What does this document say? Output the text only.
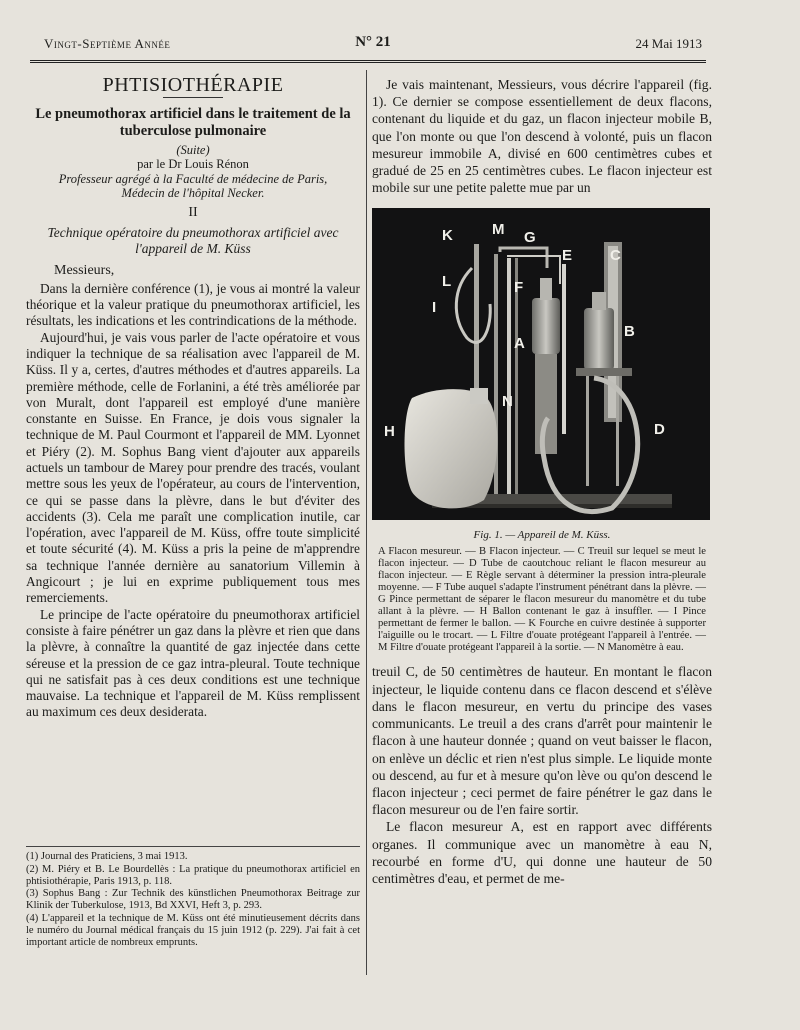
Vingt-Septième Année	N° 21	24 Mai 1913
PHTISIOTHÉRAPIE
Le pneumothorax artificiel dans le traitement de la tuberculose pulmonaire
(Suite)
par le Dr Louis Rénon
Professeur agrégé à la Faculté de médecine de Paris,
Médecin de l'hôpital Necker.
II
Technique opératoire du pneumothorax artificiel avec l'appareil de M. Küss
Messieurs,

Dans la dernière conférence (1), je vous ai montré la valeur théorique et la valeur pratique du pneumothorax artificiel, les résultats, les indications et les contrindications de la méthode.

Aujourd'hui, je vais vous parler de l'acte opératoire et vous indiquer la technique de sa réalisation avec l'appareil de M. Küss. Il y a, certes, d'autres méthodes et d'autres appareils. La première méthode, celle de Forlanini, a été très améliorée par von Muralt, dont l'appareil est employé d'une manière constante en Suisse. En France, je dois vous signaler la technique de M. Paul Courmont et l'appareil de MM. Lyonnet et Piéry (2). M. Sophus Bang vient d'ajouter aux appareils actuels un tambour de Marey pour prendre des tracés, voulant mettre sous les yeux de l'opérateur, au cours de l'intervention, ce qui se passe dans la plèvre, dans le but d'éviter des accidents (3). Cela me paraît une complication inutile, car l'opération, avec l'appareil de M. Küss, offre toute simplicité et toute sécurité (4). M. Küss a pris la peine de m'apprendre sa technique l'année dernière au sanatorium Villemin à Angicourt ; je lui en exprime publiquement tous mes remerciements.

Le principe de l'acte opératoire du pneumothorax artificiel consiste à faire pénétrer un gaz dans la plèvre et rien que dans la plèvre, à connaître la quantité de gaz injectée dans cette séreuse et la pression de ce gaz intra-pleural. Toute technique qui ne satisfait pas à ces deux conditions est une technique mauvaise. La technique et l'appareil de M. Küss remplissent au maximum ces deux desiderata.

(1) Journal des Praticiens, 3 mai 1913.
(2) M. Piéry et B. Le Bourdellès : La pratique du pneumothorax artificiel en phtisiothérapie, Paris 1913, p. 118.
(3) Sophus Bang : Zur Technik des künstlichen Pneumothorax Beitrage zur Klinik der Tuberkulose, 1913, Bd XXVI, Heft 3, p. 293.
(4) L'appareil et la technique de M. Küss ont été minutieusement décrits dans le numéro du Journal médical français du 15 juin 1912 (p. 229). J'ai fait à cet important article de nombreux emprunts.

Je vais maintenant, Messieurs, vous décrire l'appareil (fig. 1). Ce dernier se compose essentiellement de deux flacons, contenant du liquide et du gaz, un flacon injecteur mobile B, que l'on monte ou que l'on descend à volonté, puis un flacon mesureur immobile A, divisé en 600 centimètres cubes et gradué de 25 en 25 centimètres cubes. Le flacon injecteur est mobile sur une petite palette mue par un

K	M G
E	C
L	F
I
A
B
N
H	D
Fig. 1. — Appareil de M. Küss.
A Flacon mesureur. — B Flacon injecteur. — C Treuil sur lequel se meut le flacon injecteur. — D Tube de caoutchouc reliant le flacon mesureur au flacon injecteur. — E Règle servant à déterminer la pression intra-pleurale moyenne. — F Tube auquel s'adapte l'instrument pénétrant dans la plèvre. — G Pince permettant de séparer le flacon mesureur du manomètre et du tube allant à la plèvre. — H Ballon contenant le gaz à insuffler. — I Pince permettant de fermer le ballon. — K Fourche en cuivre destinée à supporter l'aiguille ou le trocart. — L Filtre d'ouate protégeant l'appareil à l'entrée. — M Filtre d'ouate protégeant l'appareil à la sortie. — N Manomètre à eau.

treuil C, de 50 centimètres de hauteur. En montant le flacon injecteur, le liquide contenu dans ce flacon descend et s'élève dans le flacon mesureur, en vertu du principe des vases communicants. Le treuil a des crans d'arrêt pour maintenir le flacon à une hauteur donnée ; quand on veut baisser le flacon, on enlève un déclic et rien n'est plus simple. Le liquide monte ou descend, au fur et à mesure qu'on lève ou qu'on descend le flacon injecteur ; ceci permet de faire pénétrer le gaz dans le flacon mesureur ou de l'en faire sortir.

Le flacon mesureur A, est en rapport avec différents organes. Il communique avec un manomètre à eau N, recourbé en forme d'U, qui donne une hauteur de 50 centimètres d'eau, et permet de me-
